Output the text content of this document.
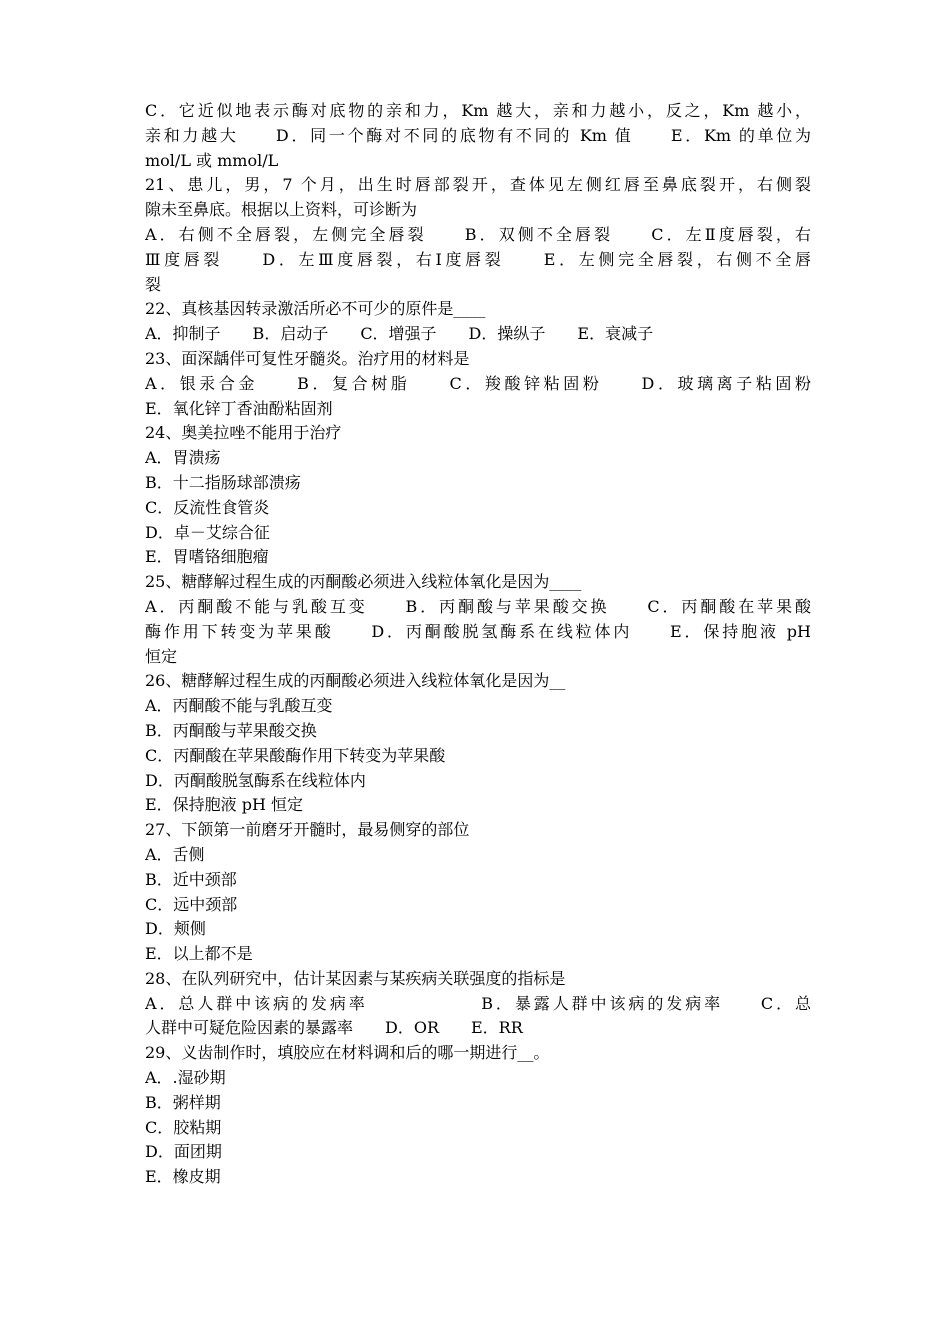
C．它近似地表示酶对底物的亲和力，Km 越大，亲和力越小，反之，Km 越小，
亲和力越大　　D．同一个酶对不同的底物有不同的 Km 值　　E．Km 的单位为
mol/L 或 mmol/L
21、患儿，男，7 个月，出生时唇部裂开，查体见左侧红唇至鼻底裂开，右侧裂
隙未至鼻底。根据以上资料，可诊断为
A．右侧不全唇裂，左侧完全唇裂　　B．双侧不全唇裂　　C．左Ⅱ度唇裂，右
Ⅲ度唇裂　　D．左Ⅲ度唇裂，右Ⅰ度唇裂　　E．左侧完全唇裂，右侧不全唇
裂
22、真核基因转录激活所必不可少的原件是____
A．抑制子　　B．启动子　　C．增强子　　D．操纵子　　E．衰减子
23、面深龋伴可复性牙髓炎。治疗用的材料是
A．银汞合金　　B．复合树脂　　C．羧酸锌粘固粉　　D．玻璃离子粘固粉
E．氧化锌丁香油酚粘固剂
24、奥美拉唑不能用于治疗
A．胃溃疡
B．十二指肠球部溃疡
C．反流性食管炎
D．卓－艾综合征
E．胃嗜铬细胞瘤
25、糖酵解过程生成的丙酮酸必须进入线粒体氧化是因为____
A．丙酮酸不能与乳酸互变　　B．丙酮酸与苹果酸交换　　C．丙酮酸在苹果酸
酶作用下转变为苹果酸　　D．丙酮酸脱氢酶系在线粒体内　　E．保持胞液 pH
恒定
26、糖酵解过程生成的丙酮酸必须进入线粒体氧化是因为__
A．丙酮酸不能与乳酸互变
B．丙酮酸与苹果酸交换
C．丙酮酸在苹果酸酶作用下转变为苹果酸
D．丙酮酸脱氢酶系在线粒体内
E．保持胞液 pH 恒定
27、下颌第一前磨牙开髓时，最易侧穿的部位
A．舌侧
B．近中颈部
C．远中颈部
D．颊侧
E．以上都不是
28、在队列研究中，估计某因素与某疾病关联强度的指标是
A．总人群中该病的发病率　　　　　　B．暴露人群中该病的发病率　　C．总
人群中可疑危险因素的暴露率　　D．OR　　E．RR
29、义齿制作时，填胶应在材料调和后的哪一期进行__。
A．.湿砂期
B．粥样期
C．胶粘期
D．面团期
E．橡皮期
